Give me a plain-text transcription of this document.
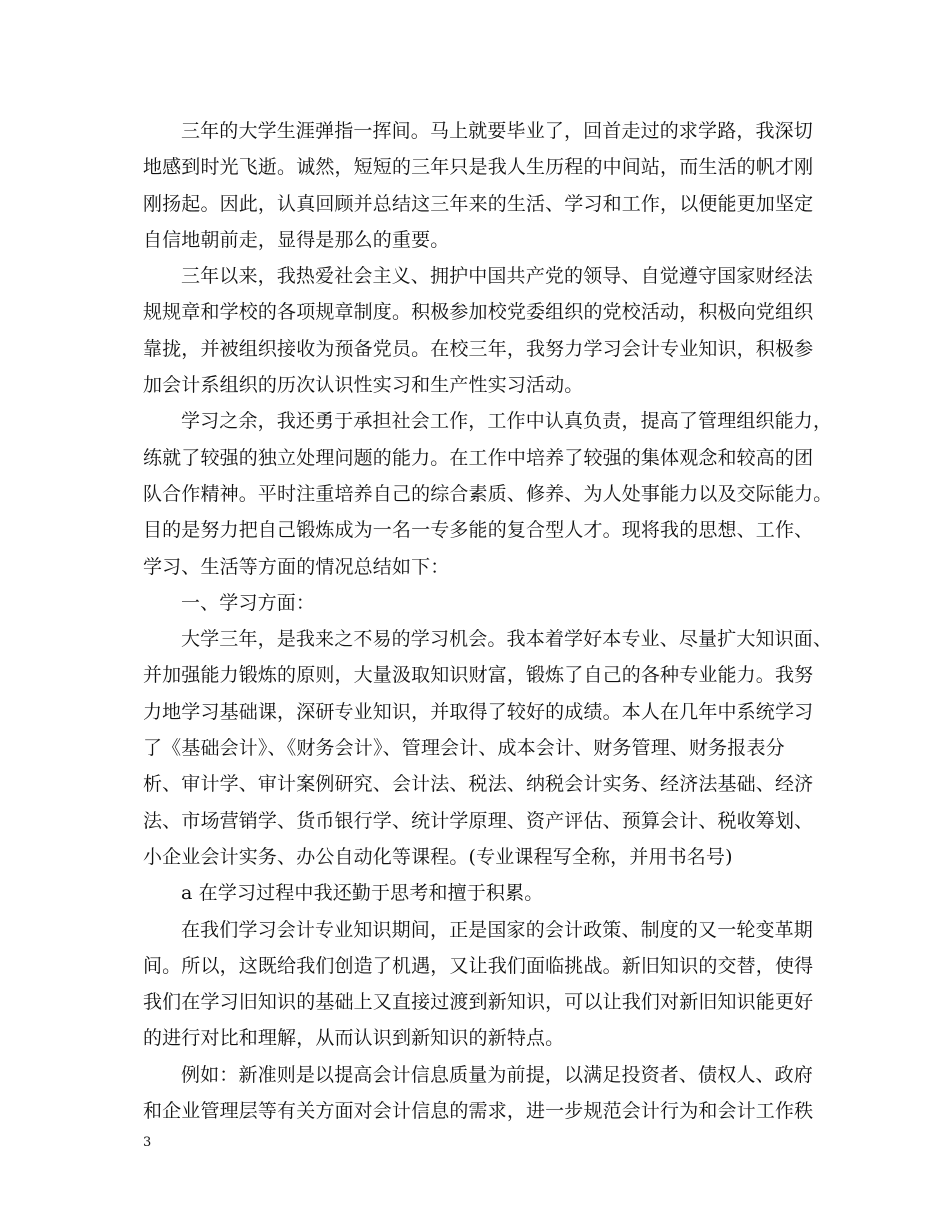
三年的大学生涯弹指一挥间。马上就要毕业了，回首走过的求学路，我深切
地感到时光飞逝。诚然，短短的三年只是我人生历程的中间站，而生活的帆才刚
刚扬起。因此，认真回顾并总结这三年来的生活、学习和工作，以便能更加坚定
自信地朝前走，显得是那么的重要。
三年以来，我热爱社会主义、拥护中国共产党的领导、自觉遵守国家财经法
规规章和学校的各项规章制度。积极参加校党委组织的党校活动，积极向党组织
靠拢，并被组织接收为预备党员。在校三年，我努力学习会计专业知识，积极参
加会计系组织的历次认识性实习和生产性实习活动。
学习之余，我还勇于承担社会工作，工作中认真负责，提高了管理组织能力，
练就了较强的独立处理问题的能力。在工作中培养了较强的集体观念和较高的团
队合作精神。平时注重培养自己的综合素质、修养、为人处事能力以及交际能力。
目的是努力把自己锻炼成为一名一专多能的复合型人才。现将我的思想、工作、
学习、生活等方面的情况总结如下：
一、学习方面：
大学三年，是我来之不易的学习机会。我本着学好本专业、尽量扩大知识面、
并加强能力锻炼的原则，大量汲取知识财富，锻炼了自己的各种专业能力。我努
力地学习基础课，深研专业知识，并取得了较好的成绩。本人在几年中系统学习
了《基础会计》、《财务会计》、管理会计、成本会计、财务管理、财务报表分
析、审计学、审计案例研究、会计法、税法、纳税会计实务、经济法基础、经济
法、市场营销学、货币银行学、统计学原理、资产评估、预算会计、税收筹划、
小企业会计实务、办公自动化等课程。(专业课程写全称，并用书名号)
a 在学习过程中我还勤于思考和擅于积累。
在我们学习会计专业知识期间，正是国家的会计政策、制度的又一轮变革期
间。所以，这既给我们创造了机遇，又让我们面临挑战。新旧知识的交替，使得
我们在学习旧知识的基础上又直接过渡到新知识，可以让我们对新旧知识能更好
的进行对比和理解，从而认识到新知识的新特点。
例如：新准则是以提高会计信息质量为前提，以满足投资者、债权人、政府
和企业管理层等有关方面对会计信息的需求，进一步规范会计行为和会计工作秩
3
